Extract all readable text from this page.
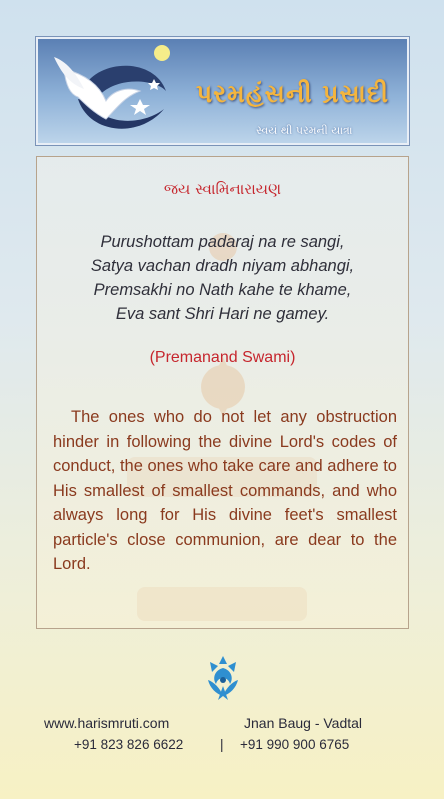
પરમહંસની પ્રસાદી
સ્વયં થી પરમની યાત્રા
જય સ્વામિનારાયણ
Purushottam padaraj na re sangi,
Satya vachan dradh niyam abhangi,
Premsakhi no Nath kahe te khame,
Eva sant Shri Hari ne gamey.
(Premanand Swami)
The ones who do not let any obstruction hinder in following the divine Lord's codes of conduct, the ones who take care and adhere to His smallest of smallest commands, and who always long for His divine feet's smallest particle's close communion, are dear to the Lord.
www.harismruti.com	Jnan Baug - Vadtal
+91 823 826 6622	| +91 990 900 6765
